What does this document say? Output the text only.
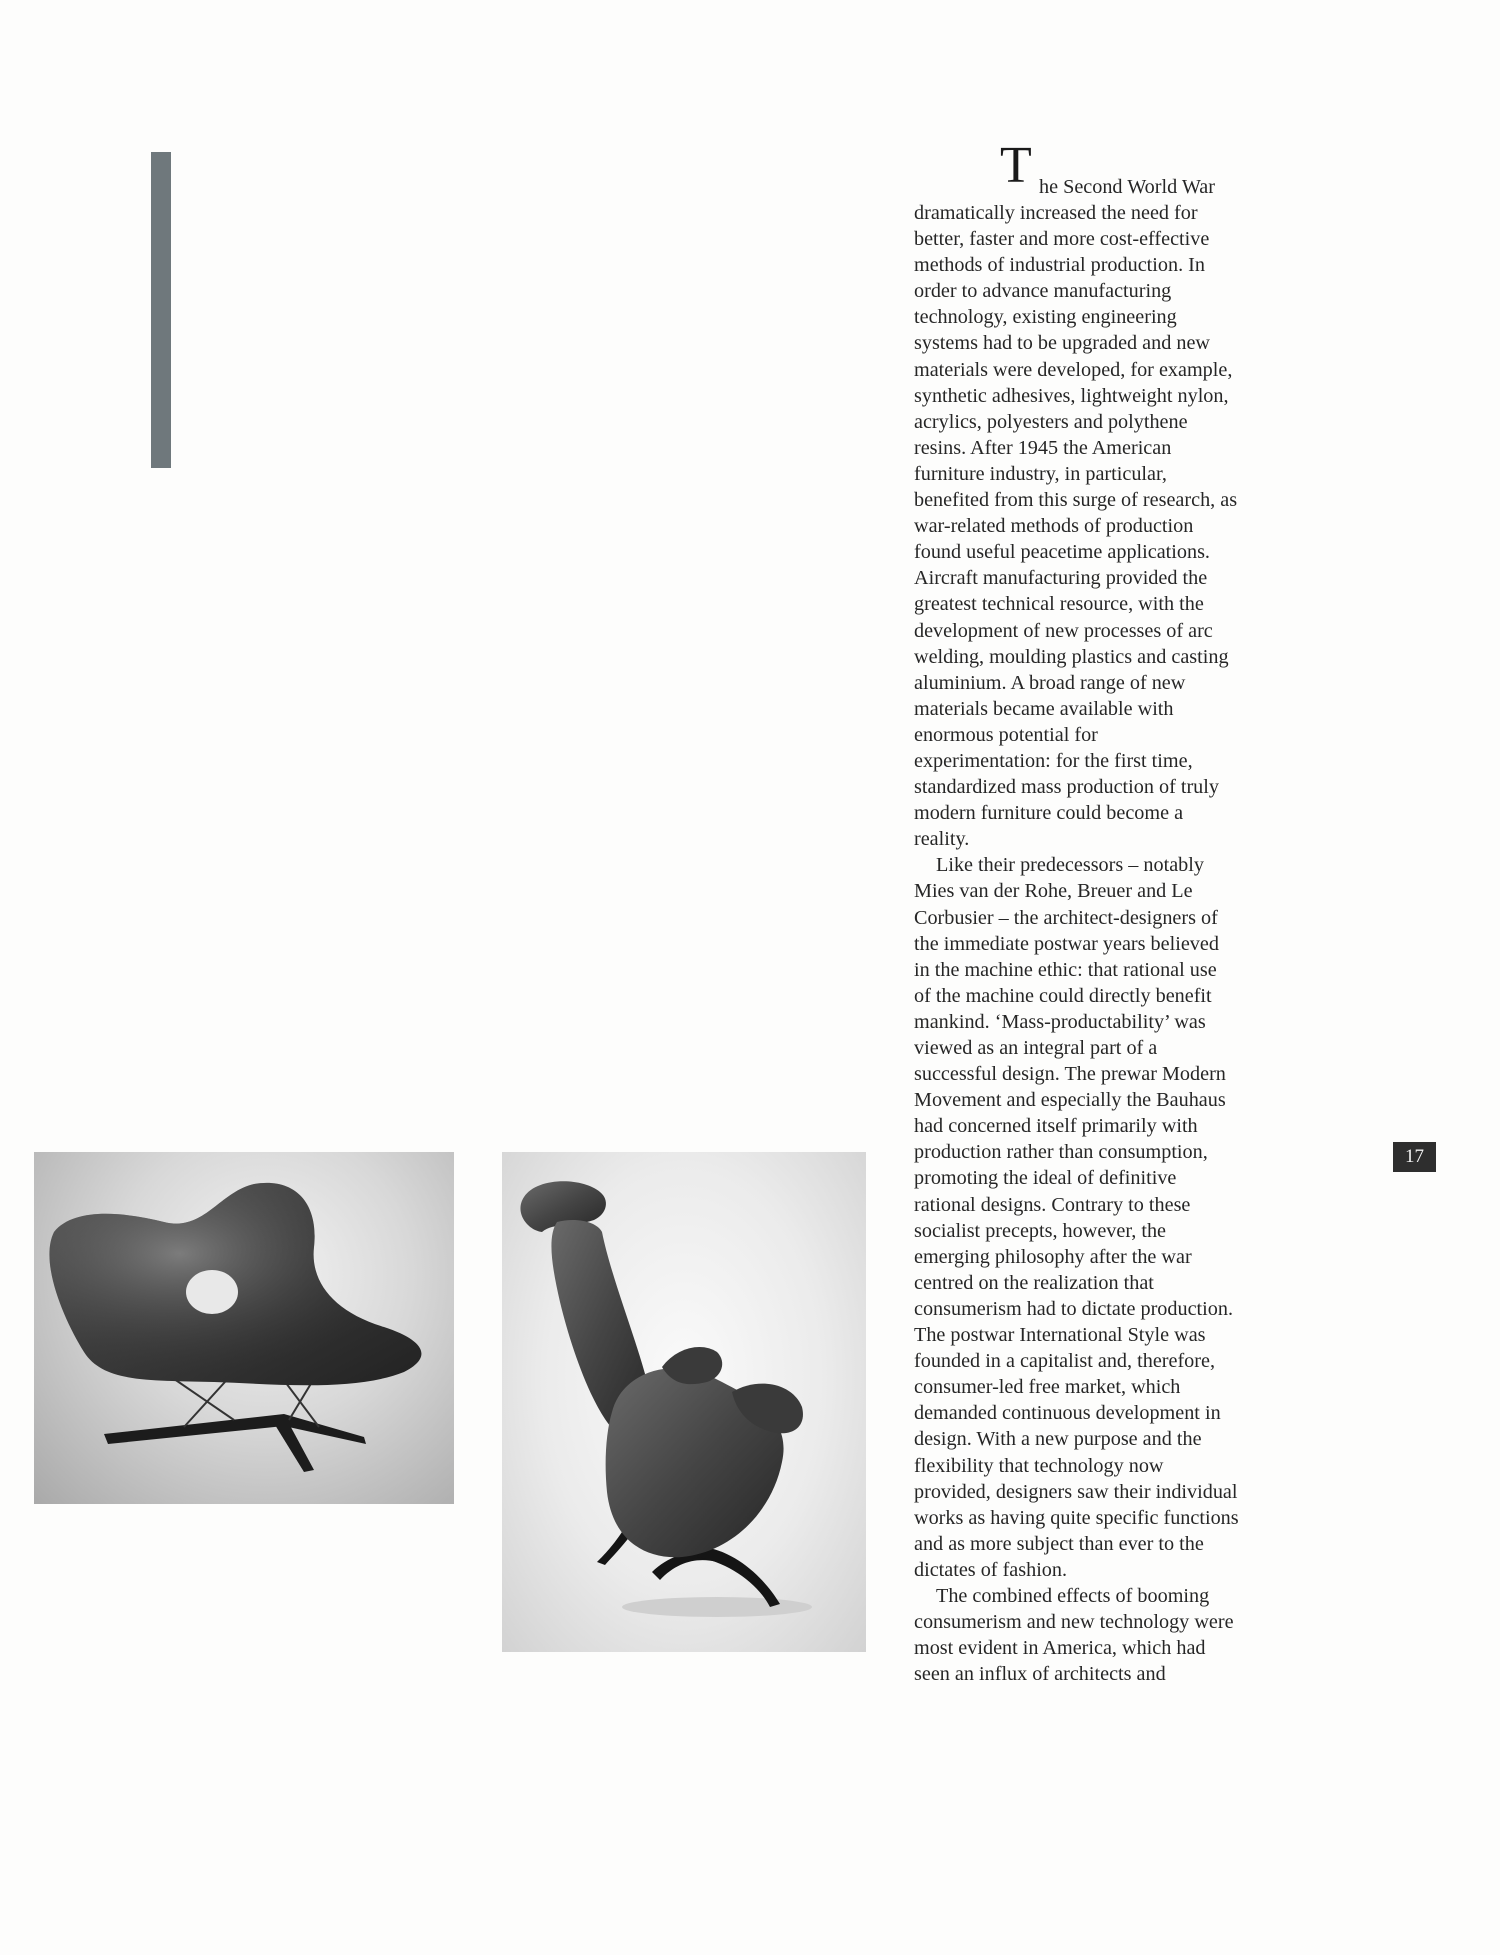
T he Second World War

dramatically increased the need for
better, faster and more cost-effective
methods of industrial production. In
order to advance manufacturing
technology, existing engineering
systems had to be upgraded and new
materials were developed, for example,
synthetic adhesives, lightweight nylon,
acrylics, polyesters and polythene
resins. After 1945 the American
furniture industry, in particular,
benefited from this surge of research, as
war-related methods of production
found useful peacetime applications.
Aircraft manufacturing provided the
greatest technical resource, with the
development of new processes of arc
welding, moulding plastics and casting
aluminium. A broad range of new
materials became available with
enormous potential for
experimentation: for the first time,
standardized mass production of truly
modern furniture could become a
reality.

Like their predecessors – notably
Mies van der Rohe, Breuer and Le
Corbusier – the architect-designers of
the immediate postwar years believed
in the machine ethic: that rational use
of the machine could directly benefit
mankind. ‘Mass-productability’ was
viewed as an integral part of a
successful design. The prewar Modern
Movement and especially the Bauhaus
had concerned itself primarily with
production rather than consumption,
promoting the ideal of definitive
rational designs. Contrary to these
socialist precepts, however, the
emerging philosophy after the war
centred on the realization that
consumerism had to dictate production.
The postwar International Style was
founded in a capitalist and, therefore,
consumer-led free market, which
demanded continuous development in
design. With a new purpose and the
flexibility that technology now
provided, designers saw their individual
works as having quite specific functions
and as more subject than ever to the
dictates of fashion.

The combined effects of booming
consumerism and new technology were
most evident in America, which had
seen an influx of architects and

17
